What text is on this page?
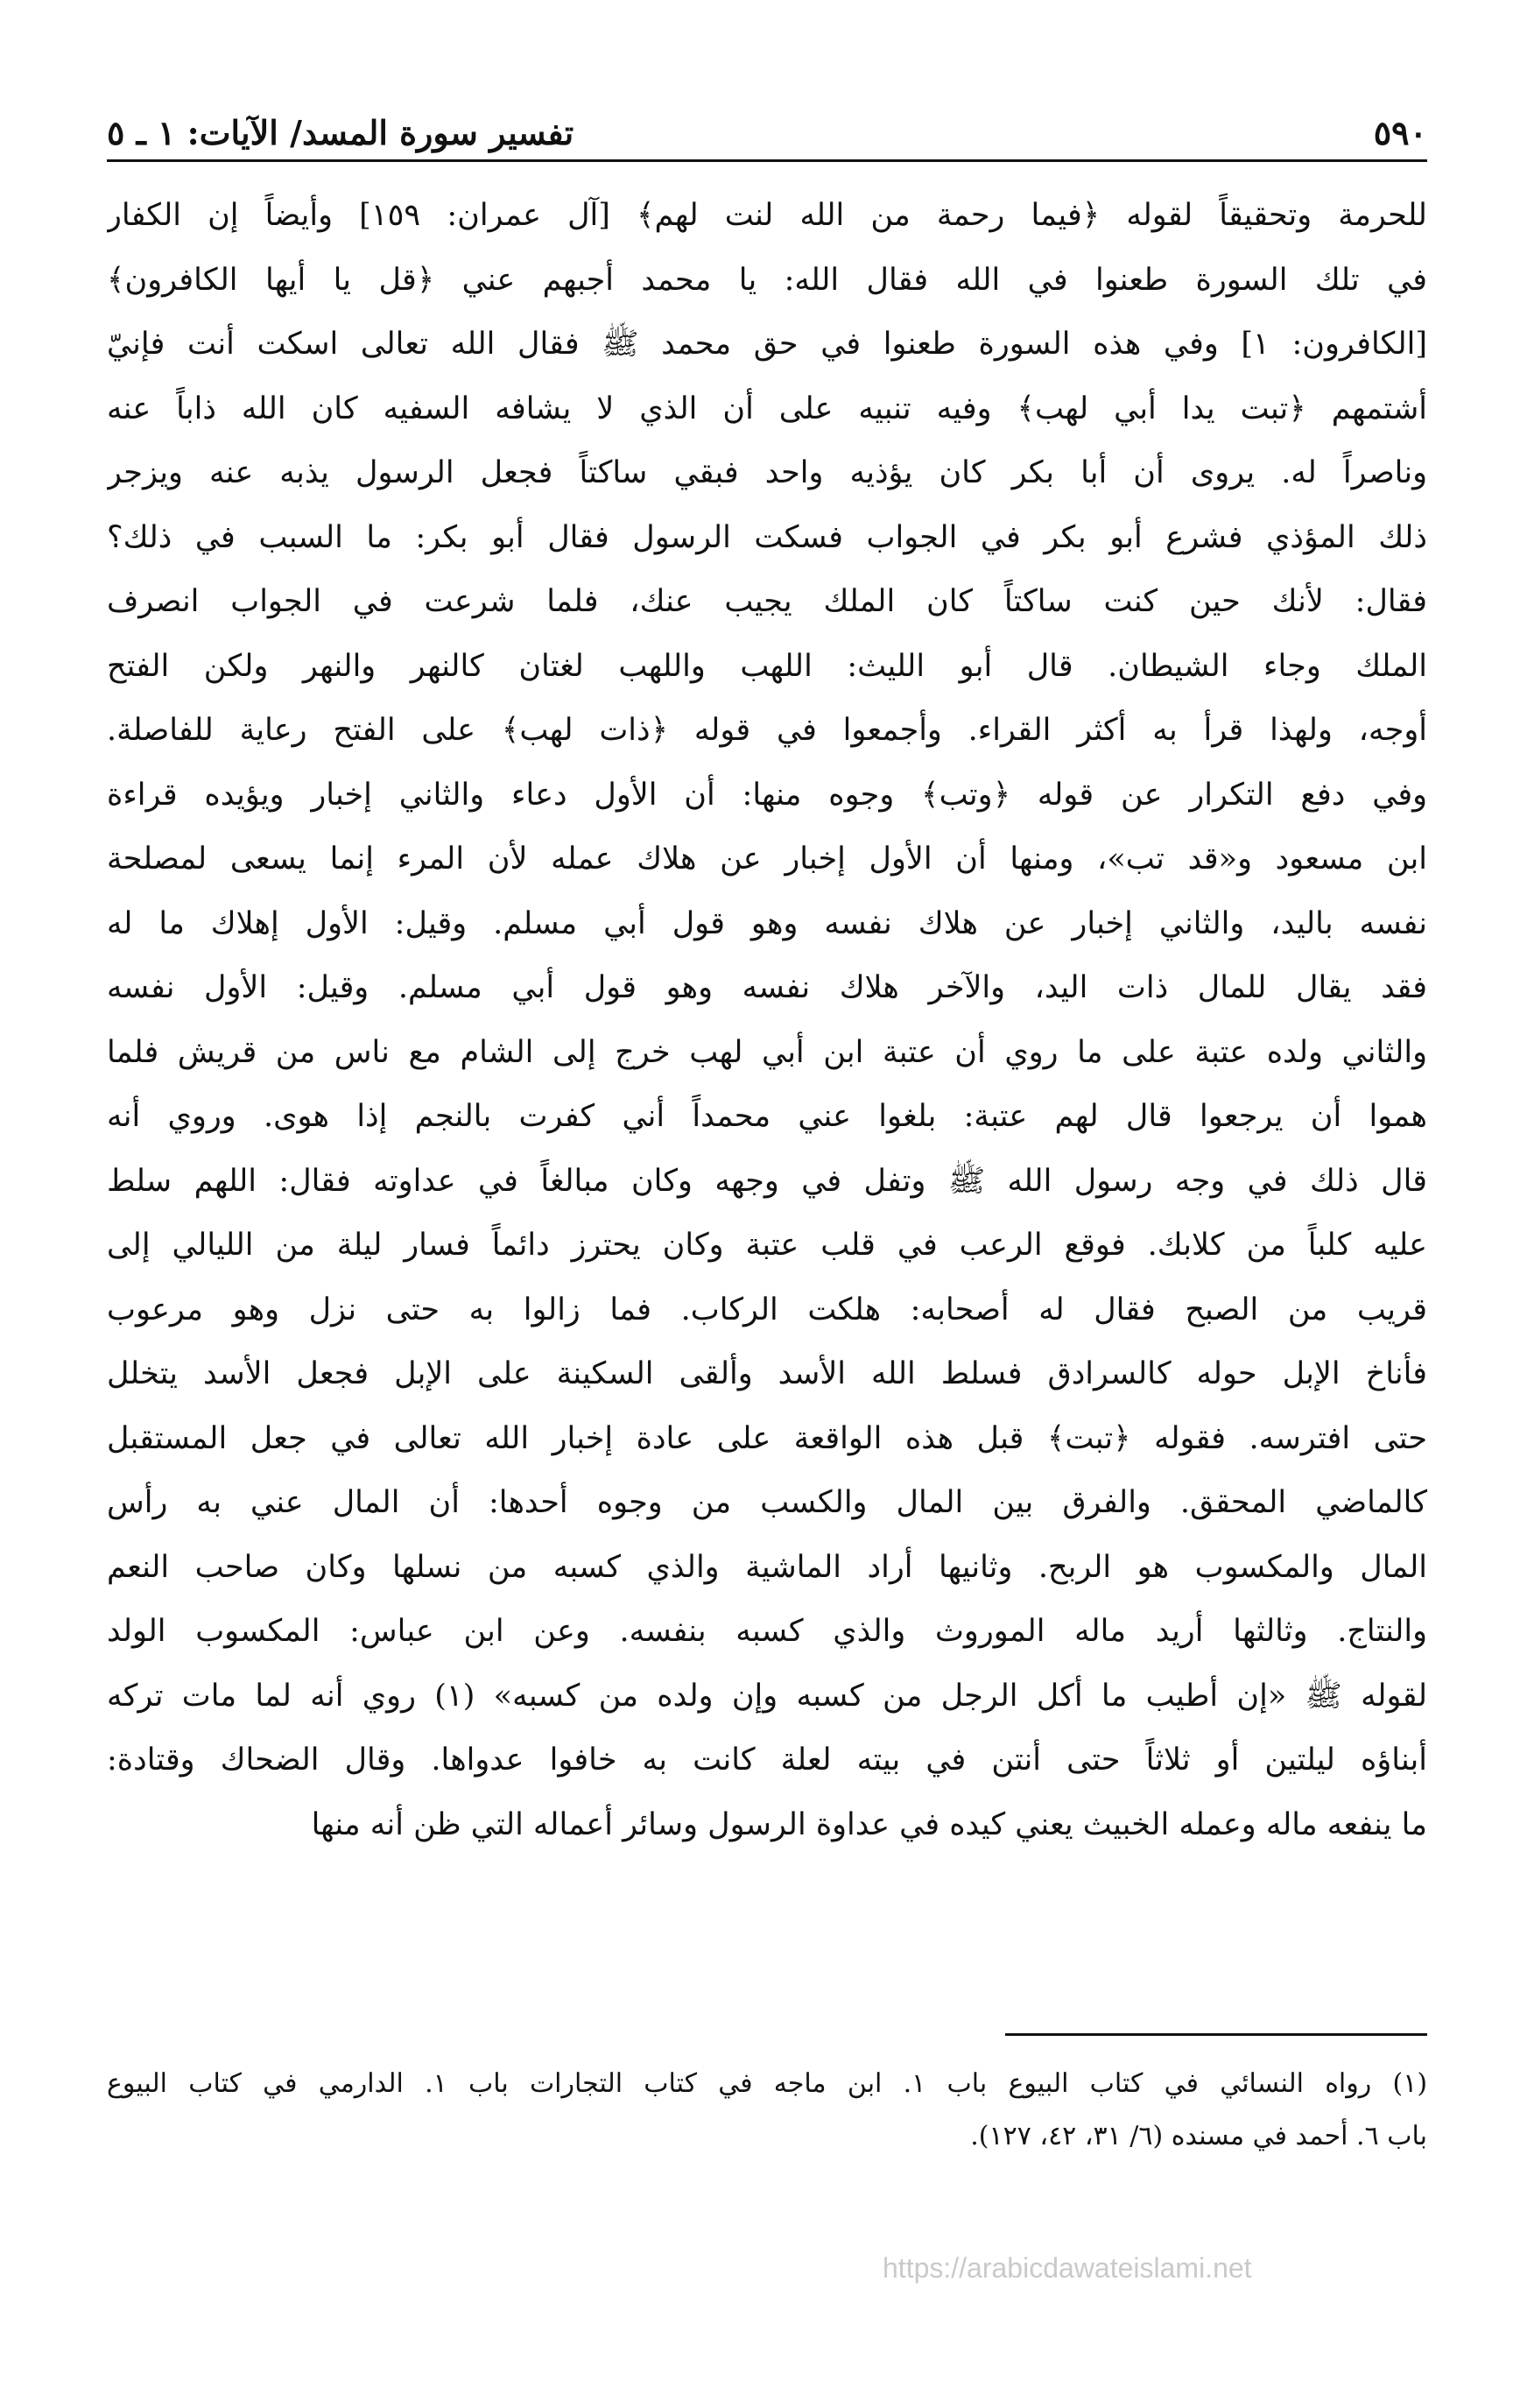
٥٩٠
تفسير سورة المسد/ الآيات: ١ ـ ٥
للحرمة وتحقيقاً لقوله ﴿فيما رحمة من الله لنت لهم﴾ [آل عمران: ١٥٩] وأيضاً إن الكفار
في تلك السورة طعنوا في الله فقال الله: يا محمد أجبهم عني ﴿قل يا أيها الكافرون﴾
[الكافرون: ١] وفي هذه السورة طعنوا في حق محمد ﷺ فقال الله تعالى اسكت أنت فإنيّ
أشتمهم ﴿تبت يدا أبي لهب﴾ وفيه تنبيه على أن الذي لا يشافه السفيه كان الله ذاباً عنه
وناصراً له. يروى أن أبا بكر كان يؤذيه واحد فبقي ساكتاً فجعل الرسول يذبه عنه ويزجر
ذلك المؤذي فشرع أبو بكر في الجواب فسكت الرسول فقال أبو بكر: ما السبب في ذلك؟
فقال: لأنك حين كنت ساكتاً كان الملك يجيب عنك، فلما شرعت في الجواب انصرف
الملك وجاء الشيطان. قال أبو الليث: اللهب واللهب لغتان كالنهر والنهر ولكن الفتح
أوجه، ولهذا قرأ به أكثر القراء. وأجمعوا في قوله ﴿ذات لهب﴾ على الفتح رعاية للفاصلة.
وفي دفع التكرار عن قوله ﴿وتب﴾ وجوه منها: أن الأول دعاء والثاني إخبار ويؤيده قراءة
ابن مسعود و«قد تب»، ومنها أن الأول إخبار عن هلاك عمله لأن المرء إنما يسعى لمصلحة
نفسه باليد، والثاني إخبار عن هلاك نفسه وهو قول أبي مسلم. وقيل: الأول إهلاك ما له
فقد يقال للمال ذات اليد، والآخر هلاك نفسه وهو قول أبي مسلم. وقيل: الأول نفسه
والثاني ولده عتبة على ما روي أن عتبة ابن أبي لهب خرج إلى الشام مع ناس من قريش فلما
هموا أن يرجعوا قال لهم عتبة: بلغوا عني محمداً أني كفرت بالنجم إذا هوى. وروي أنه
قال ذلك في وجه رسول الله ﷺ وتفل في وجهه وكان مبالغاً في عداوته فقال: اللهم سلط
عليه كلباً من كلابك. فوقع الرعب في قلب عتبة وكان يحترز دائماً فسار ليلة من الليالي إلى
قريب من الصبح فقال له أصحابه: هلكت الركاب. فما زالوا به حتى نزل وهو مرعوب
فأناخ الإبل حوله كالسرادق فسلط الله الأسد وألقى السكينة على الإبل فجعل الأسد يتخلل
حتى افترسه. فقوله ﴿تبت﴾ قبل هذه الواقعة على عادة إخبار الله تعالى في جعل المستقبل
كالماضي المحقق. والفرق بين المال والكسب من وجوه أحدها: أن المال عني به رأس
المال والمكسوب هو الربح. وثانيها أراد الماشية والذي كسبه من نسلها وكان صاحب النعم
والنتاج. وثالثها أريد ماله الموروث والذي كسبه بنفسه. وعن ابن عباس: المكسوب الولد
لقوله ﷺ «إن أطيب ما أكل الرجل من كسبه وإن ولده من كسبه» (١) روي أنه لما مات تركه
أبناؤه ليلتين أو ثلاثاً حتى أنتن في بيته لعلة كانت به خافوا عدواها. وقال الضحاك وقتادة:
ما ينفعه ماله وعمله الخبيث يعني كيده في عداوة الرسول وسائر أعماله التي ظن أنه منها
(١) رواه النسائي في كتاب البيوع باب ١. ابن ماجه في كتاب التجارات باب ١. الدارمي في كتاب البيوع
باب ٦. أحمد في مسنده (٦/ ٣١، ٤٢، ١٢٧).
https://arabicdawateislami.net
